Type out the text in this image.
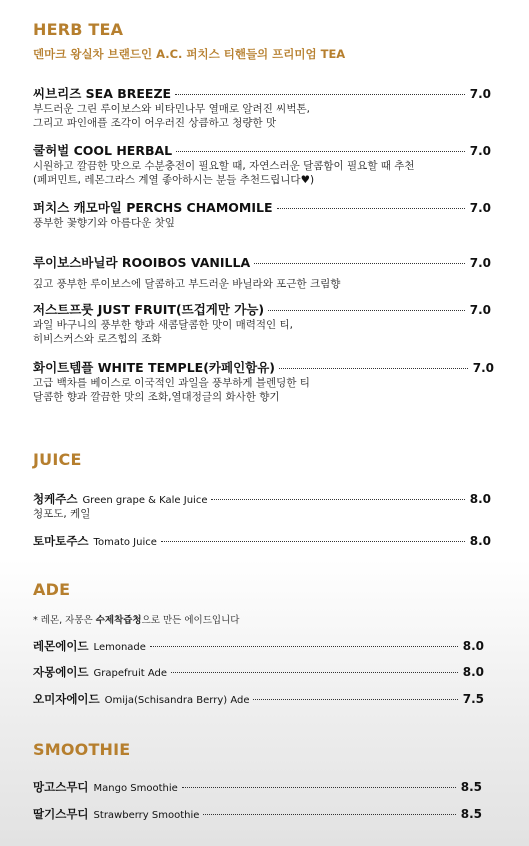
HERB TEA
덴마크 왕실차 브랜드인 A.C. 퍼치스 티핸들의 프리미엄 TEA
씨브리즈 SEA BREEZE	7.0
부드러운 그린 루이보스와 비타민나무 열매로 알려진 씨벅톤,
그리고 파인애플 조각이 어우러진 상큼하고 청량한 맛
쿨허벌 COOL HERBAL	7.0
시원하고 깔끔한 맛으로 수분충전이 필요할 때, 자연스러운 달콤함이 필요할 때 추천
(페퍼민트, 레몬그라스 계열 좋아하시는 분들 추천드립니다♥)
퍼치스 캐모마일 PERCHS CHAMOMILE	7.0
풍부한 꽃향기와 아름다운 찻잎
루이보스바닐라 ROOIBOS VANILLA	7.0
깊고 풍부한 루이보스에 달콤하고 부드러운 바닐라와 포근한 크림향
저스트프룻 JUST FRUIT(뜨겁게만 가능)	7.0
과일 바구니의 풍부한 향과 새콤달콤한 맛이 매력적인 티,
히비스커스와 로즈힙의 조화
화이트템플 WHITE TEMPLE(카페인함유)	7.0
고급 백차를 베이스로 이국적인 과일을 풍부하게 블렌딩한 티
달콤한 향과 깔끔한 맛의 조화,열대정글의 화사한 향기
JUICE
청케주스 Green grape & Kale Juice	8.0
청포도, 케일
토마토주스 Tomato Juice	8.0
ADE
* 레몬, 자몽은 수제착즙청으로 만든 에이드입니다
레몬에이드 Lemonade	8.0
자몽에이드 Grapefruit Ade	8.0
오미자에이드 Omija(Schisandra Berry) Ade	7.5
SMOOTHIE
망고스무디 Mango Smoothie	8.5
딸기스무디 Strawberry Smoothie	8.5
